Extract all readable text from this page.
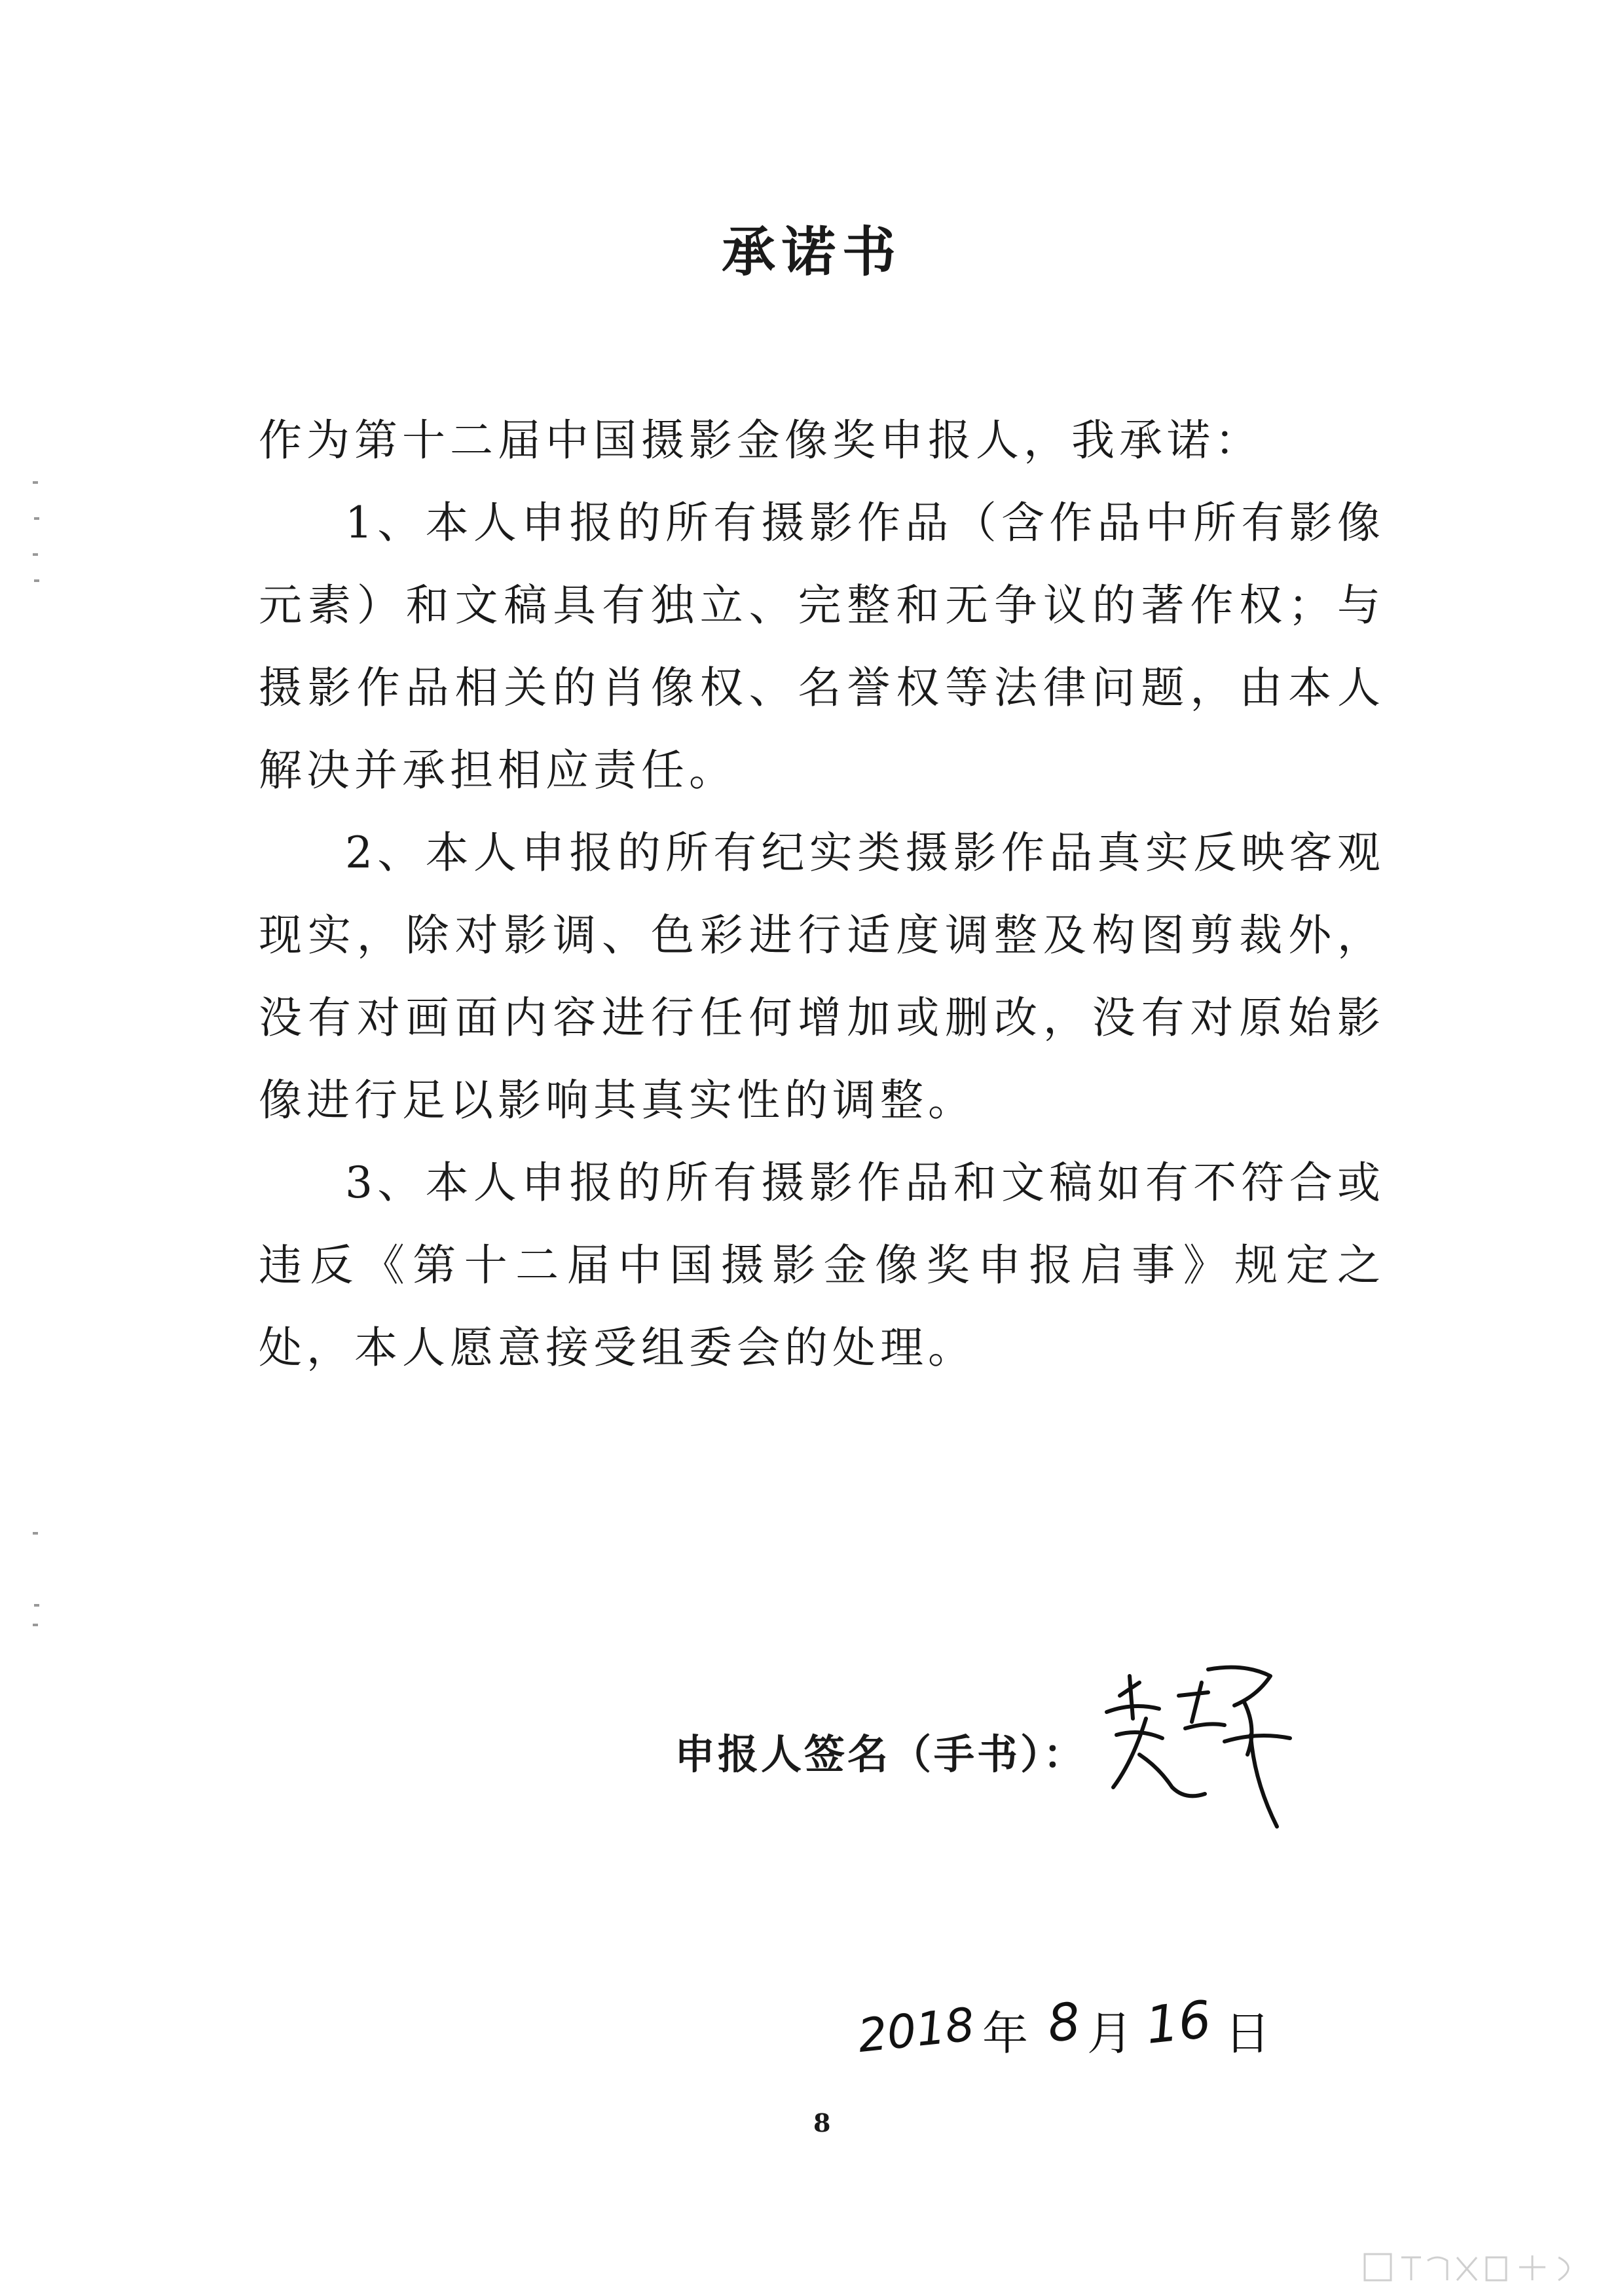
承诺书

作为第十二届中国摄影金像奖申报人，我承诺：

1、本人申报的所有摄影作品（含作品中所有影像元素）和文稿具有独立、完整和无争议的著作权；与摄影作品相关的肖像权、名誉权等法律问题，由本人解决并承担相应责任。

2、本人申报的所有纪实类摄影作品真实反映客观现实，除对影调、色彩进行适度调整及构图剪裁外，没有对画面内容进行任何增加或删改，没有对原始影像进行足以影响其真实性的调整。

3、本人申报的所有摄影作品和文稿如有不符合或违反《第十二届中国摄影金像奖申报启事》规定之处，本人愿意接受组委会的处理。

申报人签名（手书）：
2018 年 8 月 16 日
8
